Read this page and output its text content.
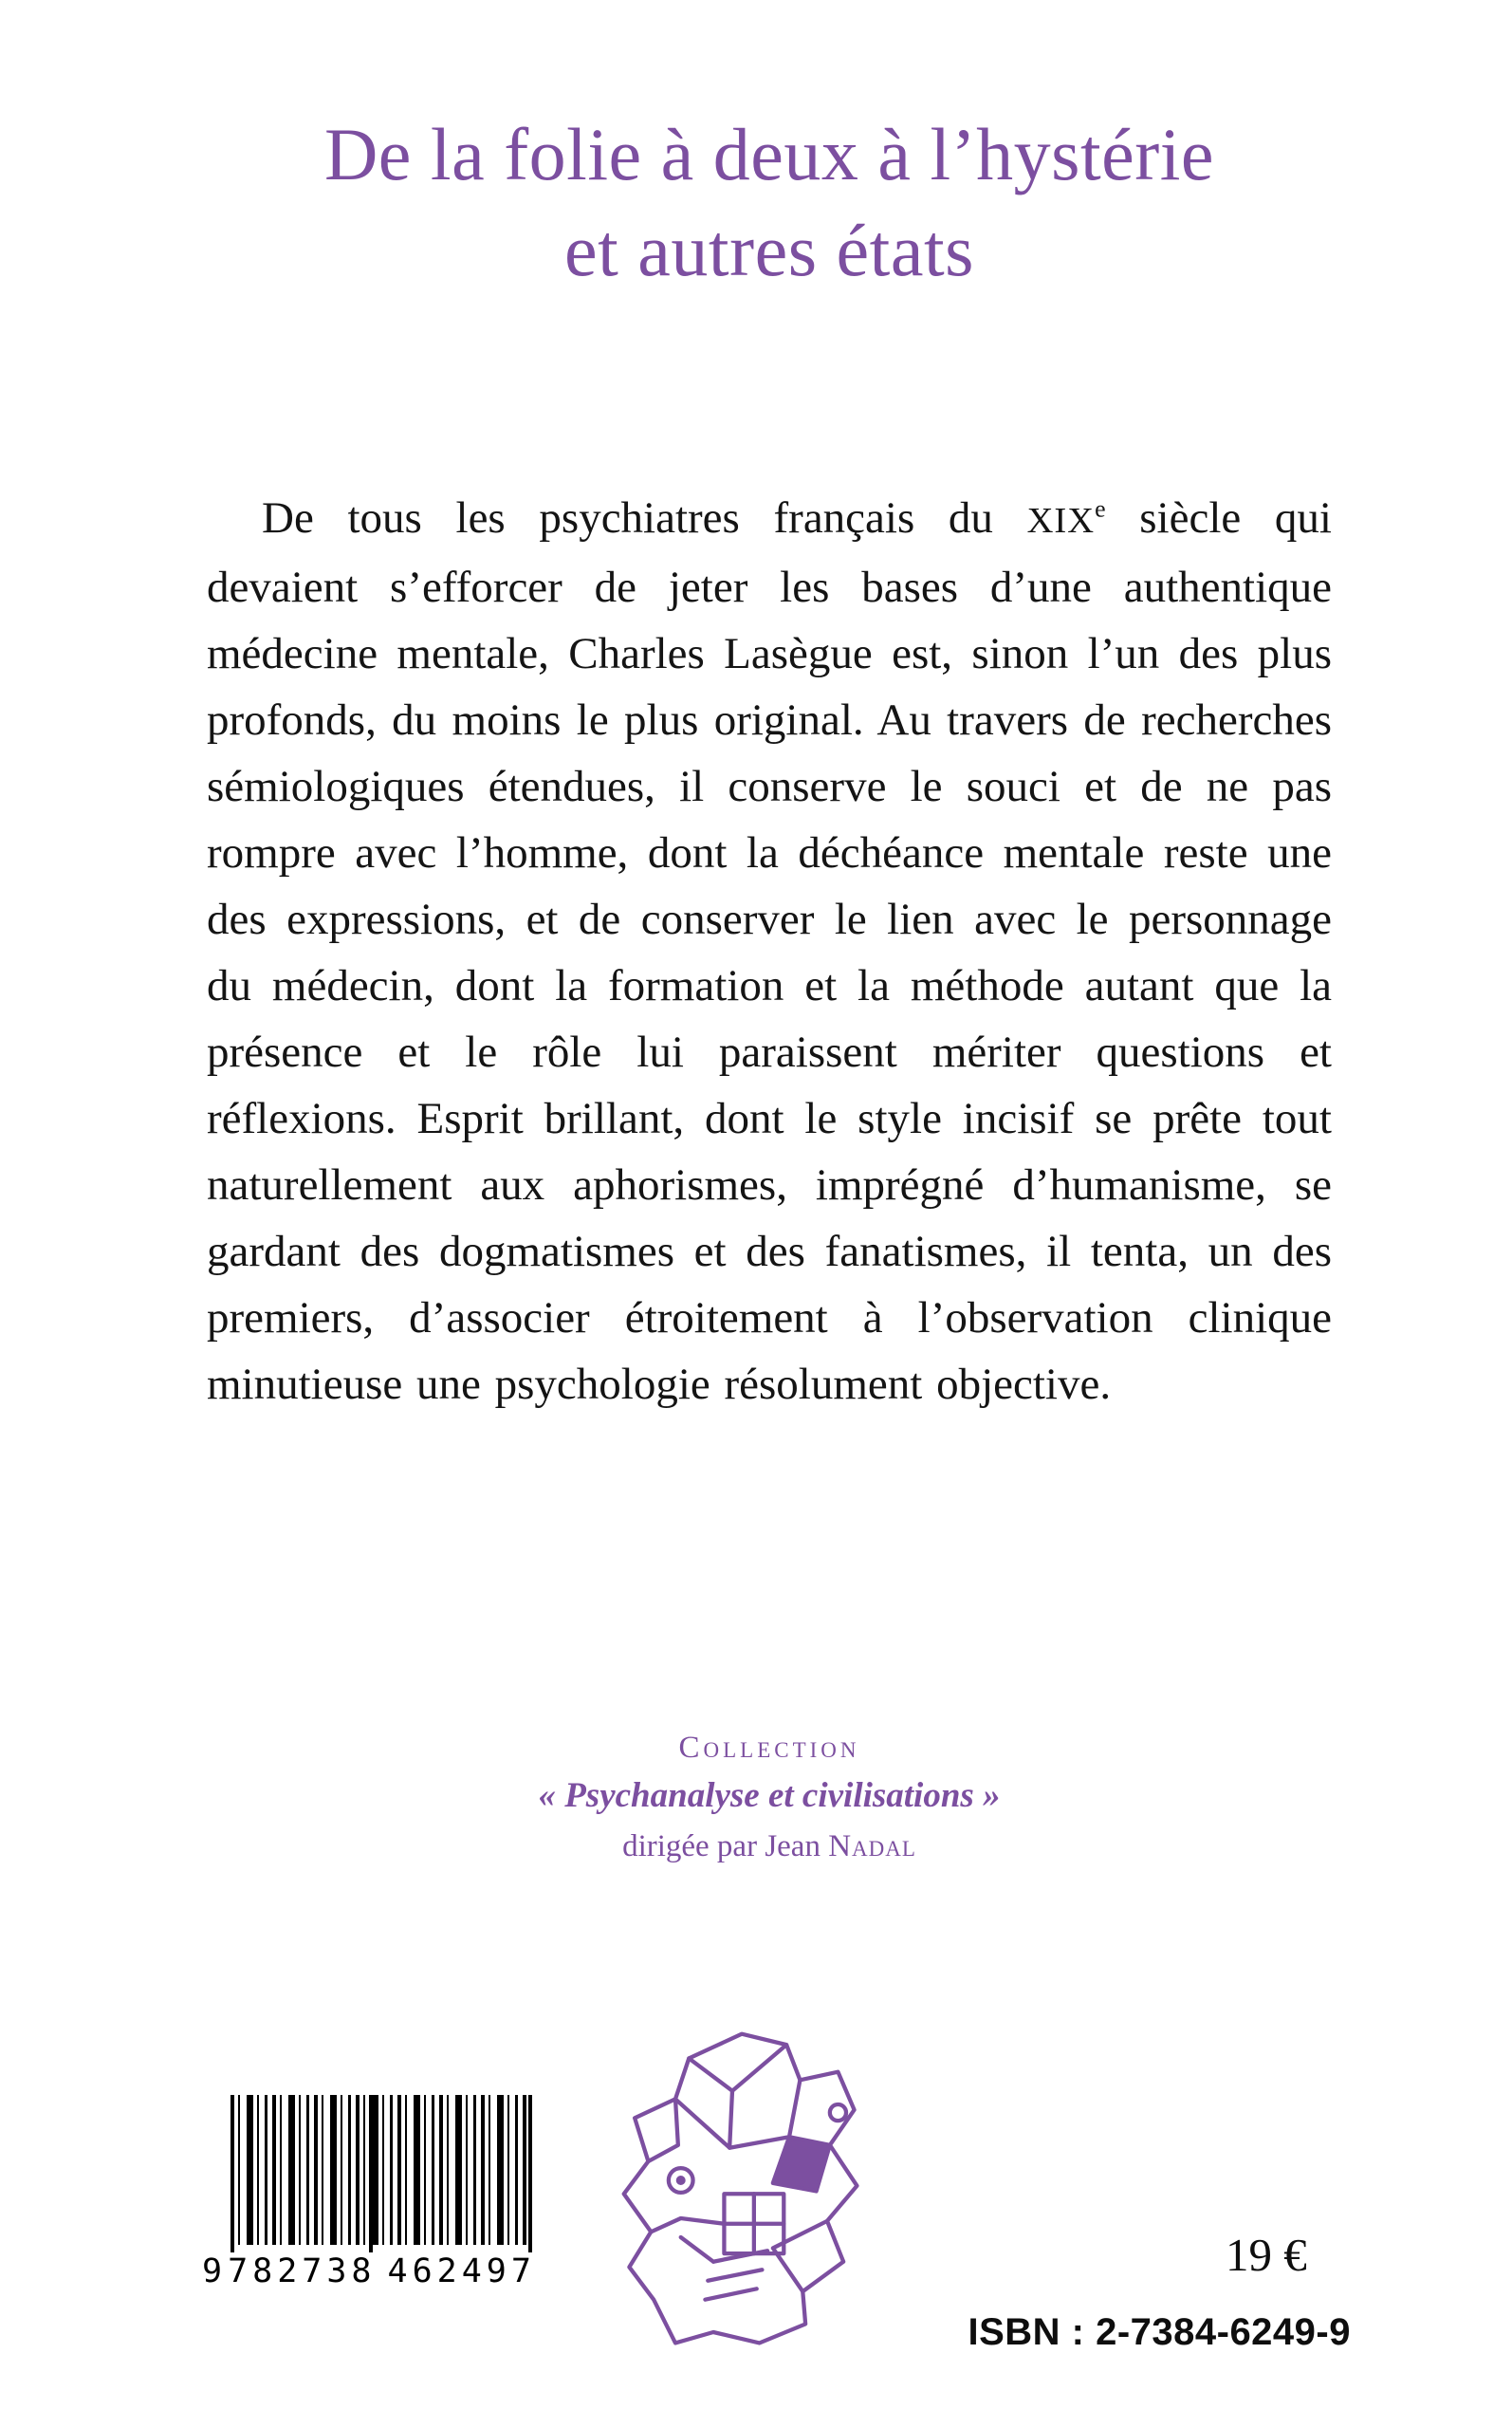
De la folie à deux à l’hystérie
et autres états

De tous les psychiatres français du XIXe siècle qui devaient s’efforcer de jeter les bases d’une authentique médecine mentale, Charles Lasègue est, sinon l’un des plus profonds, du moins le plus original. Au travers de recherches sémiologiques étendues, il conserve le souci et de ne pas rompre avec l’homme, dont la déchéance mentale reste une des expressions, et de conserver le lien avec le personnage du médecin, dont la formation et la méthode autant que la présence et le rôle lui paraissent mériter questions et réflexions. Esprit brillant, dont le style incisif se prête tout naturellement aux aphorismes, imprégné d’humanisme, se gardant des dogmatismes et des fanatismes, il tenta, un des premiers, d’associer étroitement à l’observation clinique minutieuse une psychologie résolument objective.

Collection
« Psychanalyse et civilisations »
dirigée par Jean Nadal
9 782738 462497	19 €
ISBN : 2-7384-6249-9
